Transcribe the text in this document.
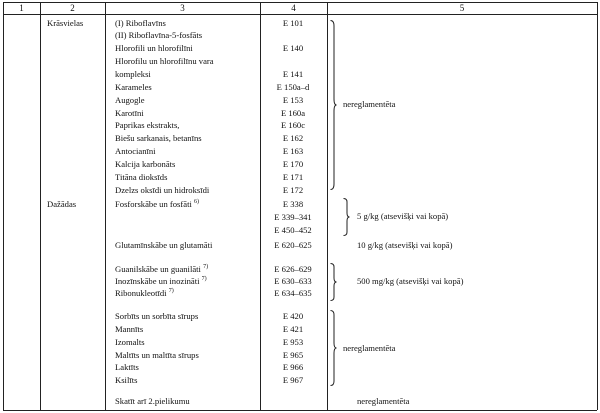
1	2	3	4	5
Krāsvielas	(I) Riboflavīns	E 101
(II) Riboflavīna-5-fosfāts
Hlorofili un hlorofilīni	E 140
Hlorofilu un hlorofilīnu vara
kompleksi	E 141
Karameles	E 150a–d
Augogle	E 153
Karotīni	E 160a
Paprikas ekstrakts,	E 160c
Biešu sarkanais, betanīns	E 162
Antocianīni	E 163
Kalcija karbonāts	E 170
Titāna dioksīds	E 171
Dzelzs oksīdi un hidroksīdi	E 172
nereglamentēta
Dažādas	Fosforskābe un fosfāti $^{6)}$	E 338
E 339–341
E 450–452
5 g/kg (atsevišķi vai kopā)
Glutamīnskābe un glutamāti	E 620–625	10 g/kg (atsevišķi vai kopā)
Guanilskābe un guanilāti $^{7)}$	E 626–629
Inozīnskābe un inozināti $^{7)}$	E 630–633
Ribonukleotīdi $^{7)}$	E 634–635
500 mg/kg (atsevišķi vai kopā)
Sorbīts un sorbīta sīrups	E 420
Mannīts	E 421
Izomalts	E 953
Maltīts un maltīta sīrups	E 965
Laktīts	E 966
Ksilīts	E 967
nereglamentēta
Skatīt arī 2.pielikumu	nereglamentēta
